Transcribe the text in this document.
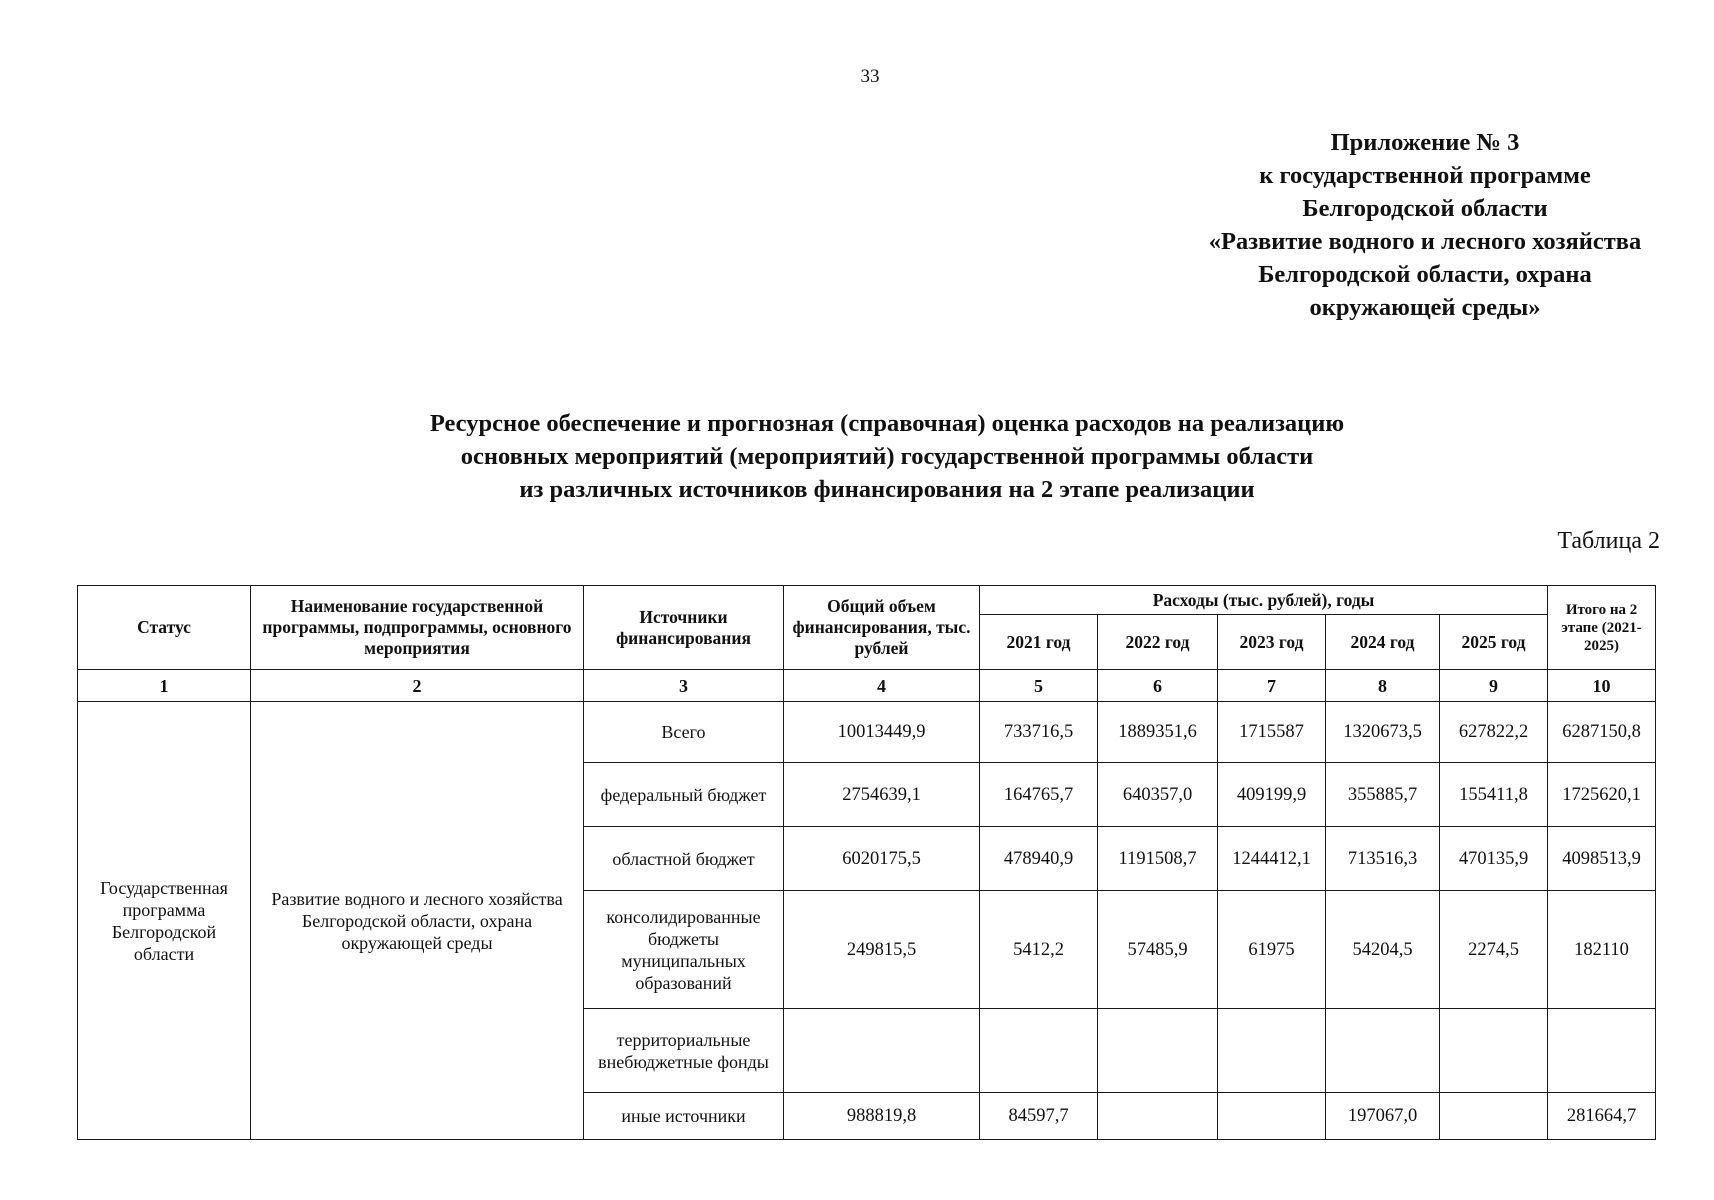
33
Приложение № 3
к государственной программе
Белгородской области
«Развитие водного и лесного хозяйства
Белгородской области, охрана
окружающей среды»
Ресурсное обеспечение и прогнозная (справочная) оценка расходов на реализацию
основных мероприятий (мероприятий) государственной программы области
из различных источников финансирования на 2 этапе реализации
Таблица 2
Статус	Наименование государственной программы, подпрограммы, основного мероприятия	Источники финансирования	Общий объем финансирования, тыс. рублей	Расходы (тыс. рублей), годы					Итого на 2 этапе (2021-2025)
				2021 год	2022 год	2023 год	2024 год	2025 год	
1	2	3	4	5	6	7	8	9	10
Государственная программа Белгородской области	Развитие водного и лесного хозяйства Белгородской области, охрана окружающей среды	Всего	10013449,9	733716,5	1889351,6	1715587	1320673,5	627822,2	6287150,8
		федеральный бюджет	2754639,1	164765,7	640357,0	409199,9	355885,7	155411,8	1725620,1
		областной бюджет	6020175,5	478940,9	1191508,7	1244412,1	713516,3	470135,9	4098513,9
		консолидированные бюджеты муниципальных образований	249815,5	5412,2	57485,9	61975	54204,5	2274,5	182110
		территориальные внебюджетные фонды							
		иные источники	988819,8	84597,7			197067,0		281664,7
